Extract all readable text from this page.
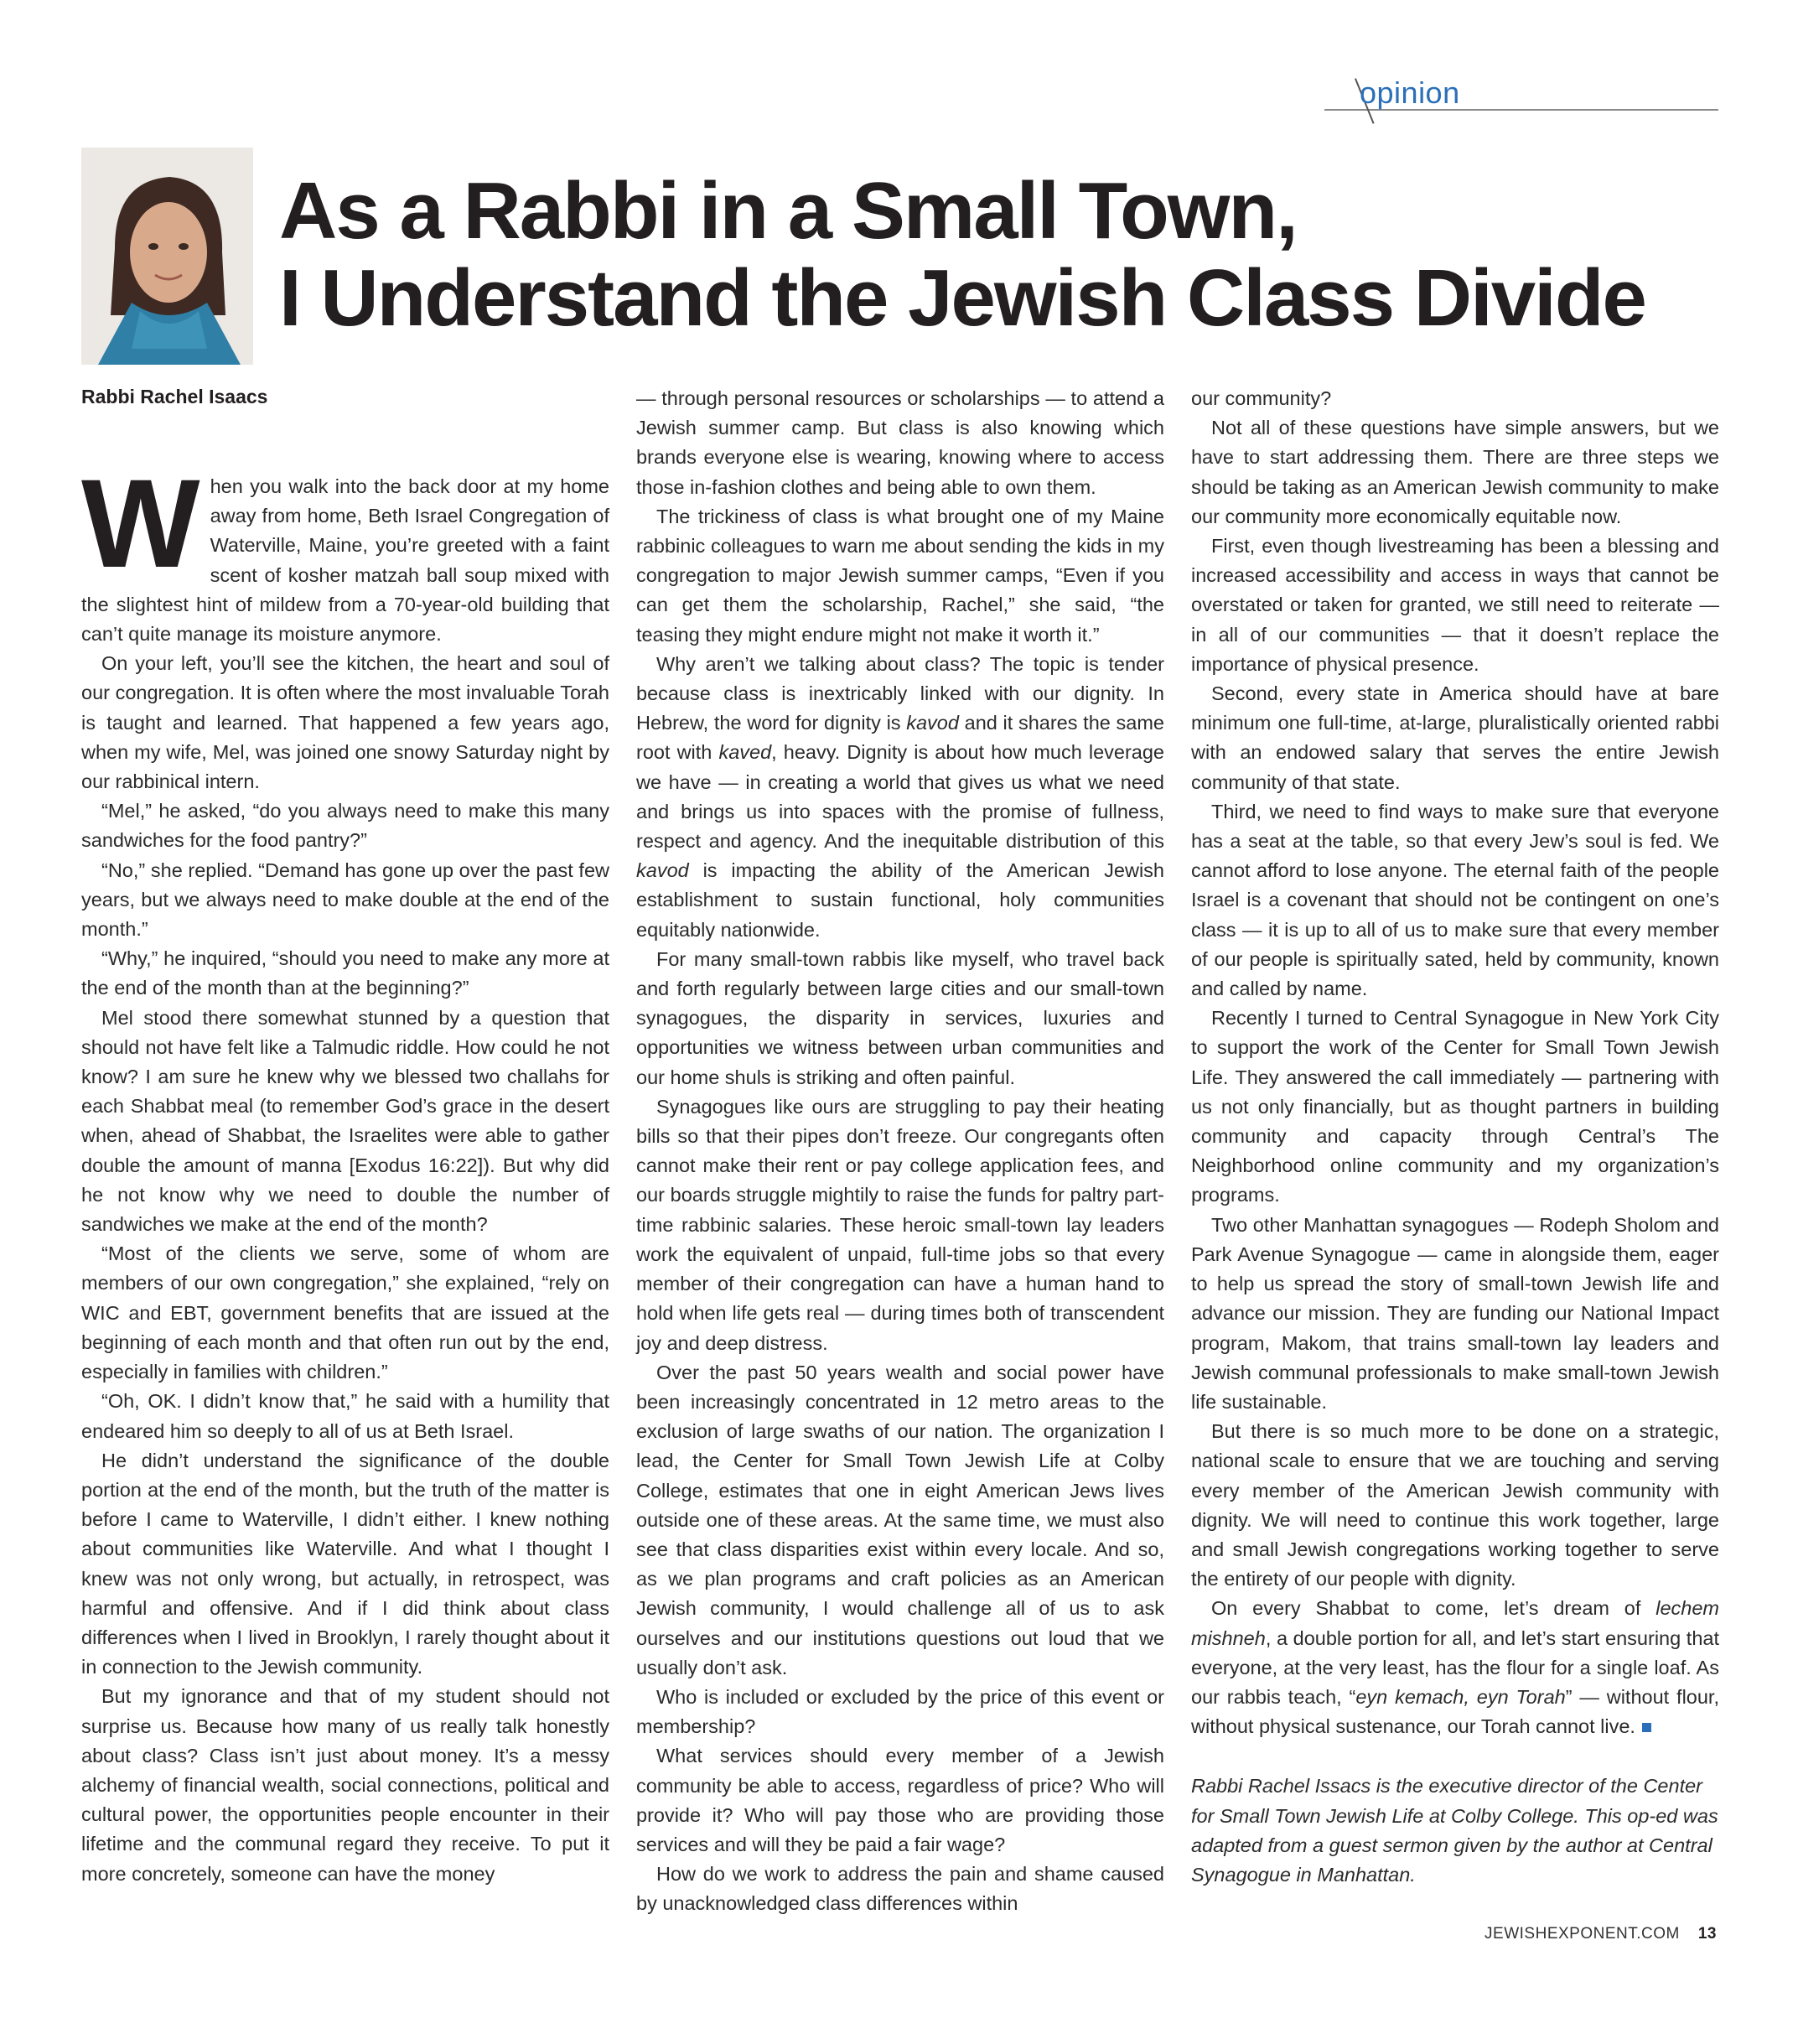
opinion
As a Rabbi in a Small Town,
I Understand the Jewish Class Divide
Rabbi Rachel Isaacs

When you walk into the back door at my home away from home, Beth Israel Congregation of Waterville, Maine, you’re greeted with a faint scent of kosher matzah ball soup mixed with the slightest hint of mildew from a 70-year-old building that can’t quite manage its moisture anymore.

On your left, you’ll see the kitchen, the heart and soul of our congregation. It is often where the most invaluable Torah is taught and learned. That happened a few years ago, when my wife, Mel, was joined one snowy Saturday night by our rabbinical intern.

“Mel,” he asked, “do you always need to make this many sandwiches for the food pantry?”

“No,” she replied. “Demand has gone up over the past few years, but we always need to make double at the end of the month.”

“Why,” he inquired, “should you need to make any more at the end of the month than at the beginning?”

Mel stood there somewhat stunned by a question that should not have felt like a Talmudic riddle. How could he not know? I am sure he knew why we blessed two challahs for each Shabbat meal (to remember God’s grace in the desert when, ahead of Shabbat, the Israelites were able to gather double the amount of manna [Exodus 16:22]). But why did he not know why we need to double the number of sandwiches we make at the end of the month?

“Most of the clients we serve, some of whom are members of our own congregation,” she explained, “rely on WIC and EBT, government benefits that are issued at the beginning of each month and that often run out by the end, especially in families with children.”

“Oh, OK. I didn’t know that,” he said with a humility that endeared him so deeply to all of us at Beth Israel.

He didn’t understand the significance of the double portion at the end of the month, but the truth of the matter is before I came to Waterville, I didn’t either. I knew nothing about communities like Waterville. And what I thought I knew was not only wrong, but actually, in retrospect, was harmful and offensive. And if I did think about class differences when I lived in Brooklyn, I rarely thought about it in connection to the Jewish community.

But my ignorance and that of my student should not surprise us. Because how many of us really talk honestly about class? Class isn’t just about money. It’s a messy alchemy of financial wealth, social connections, political and cultural power, the opportunities people encounter in their lifetime and the communal regard they receive. To put it more concretely, someone can have the money

— through personal resources or scholarships — to attend a Jewish summer camp. But class is also knowing which brands everyone else is wearing, knowing where to access those in-fashion clothes and being able to own them.

The trickiness of class is what brought one of my Maine rabbinic colleagues to warn me about sending the kids in my congregation to major Jewish summer camps, “Even if you can get them the scholarship, Rachel,” she said, “the teasing they might endure might not make it worth it.”

Why aren’t we talking about class? The topic is tender because class is inextricably linked with our dignity. In Hebrew, the word for dignity is kavod and it shares the same root with kaved, heavy. Dignity is about how much leverage we have — in creating a world that gives us what we need and brings us into spaces with the promise of fullness, respect and agency. And the inequitable distribution of this kavod is impacting the ability of the American Jewish establishment to sustain functional, holy communities equitably nationwide.

For many small-town rabbis like myself, who travel back and forth regularly between large cities and our small-town synagogues, the disparity in services, luxuries and opportunities we witness between urban communities and our home shuls is striking and often painful.

Synagogues like ours are struggling to pay their heating bills so that their pipes don’t freeze. Our congregants often cannot make their rent or pay college application fees, and our boards struggle mightily to raise the funds for paltry part-time rabbinic salaries. These heroic small-town lay leaders work the equivalent of unpaid, full-time jobs so that every member of their congregation can have a human hand to hold when life gets real — during times both of transcendent joy and deep distress.

Over the past 50 years wealth and social power have been increasingly concentrated in 12 metro areas to the exclusion of large swaths of our nation. The organization I lead, the Center for Small Town Jewish Life at Colby College, estimates that one in eight American Jews lives outside one of these areas. At the same time, we must also see that class disparities exist within every locale. And so, as we plan programs and craft policies as an American Jewish community, I would challenge all of us to ask ourselves and our institutions questions out loud that we usually don’t ask.

Who is included or excluded by the price of this event or membership?

What services should every member of a Jewish community be able to access, regardless of price? Who will provide it? Who will pay those who are providing those services and will they be paid a fair wage?

How do we work to address the pain and shame caused by unacknowledged class differences within

our community?

Not all of these questions have simple answers, but we have to start addressing them. There are three steps we should be taking as an American Jewish community to make our community more economically equitable now.

First, even though livestreaming has been a blessing and increased accessibility and access in ways that cannot be overstated or taken for granted, we still need to reiterate — in all of our communities — that it doesn’t replace the importance of physical presence.

Second, every state in America should have at bare minimum one full-time, at-large, pluralistically oriented rabbi with an endowed salary that serves the entire Jewish community of that state.

Third, we need to find ways to make sure that everyone has a seat at the table, so that every Jew’s soul is fed. We cannot afford to lose anyone. The eternal faith of the people Israel is a covenant that should not be contingent on one’s class — it is up to all of us to make sure that every member of our people is spiritually sated, held by community, known and called by name.

Recently I turned to Central Synagogue in New York City to support the work of the Center for Small Town Jewish Life. They answered the call immediately — partnering with us not only financially, but as thought partners in building community and capacity through Central’s The Neighborhood online community and my organization’s programs.

Two other Manhattan synagogues — Rodeph Sholom and Park Avenue Synagogue — came in alongside them, eager to help us spread the story of small-town Jewish life and advance our mission. They are funding our National Impact program, Makom, that trains small-town lay leaders and Jewish communal professionals to make small-town Jewish life sustainable.

But there is so much more to be done on a strategic, national scale to ensure that we are touching and serving every member of the American Jewish community with dignity. We will need to continue this work together, large and small Jewish congregations working together to serve the entirety of our people with dignity.

On every Shabbat to come, let’s dream of lechem mishneh, a double portion for all, and let’s start ensuring that everyone, at the very least, has the flour for a single loaf. As our rabbis teach, “eyn kemach, eyn Torah” — without flour, without physical sustenance, our Torah cannot live.

Rabbi Rachel Issacs is the executive director of the Center for Small Town Jewish Life at Colby College. This op-ed was adapted from a guest sermon given by the author at Central Synagogue in Manhattan.

JEWISHEXPONENT.COM 13
